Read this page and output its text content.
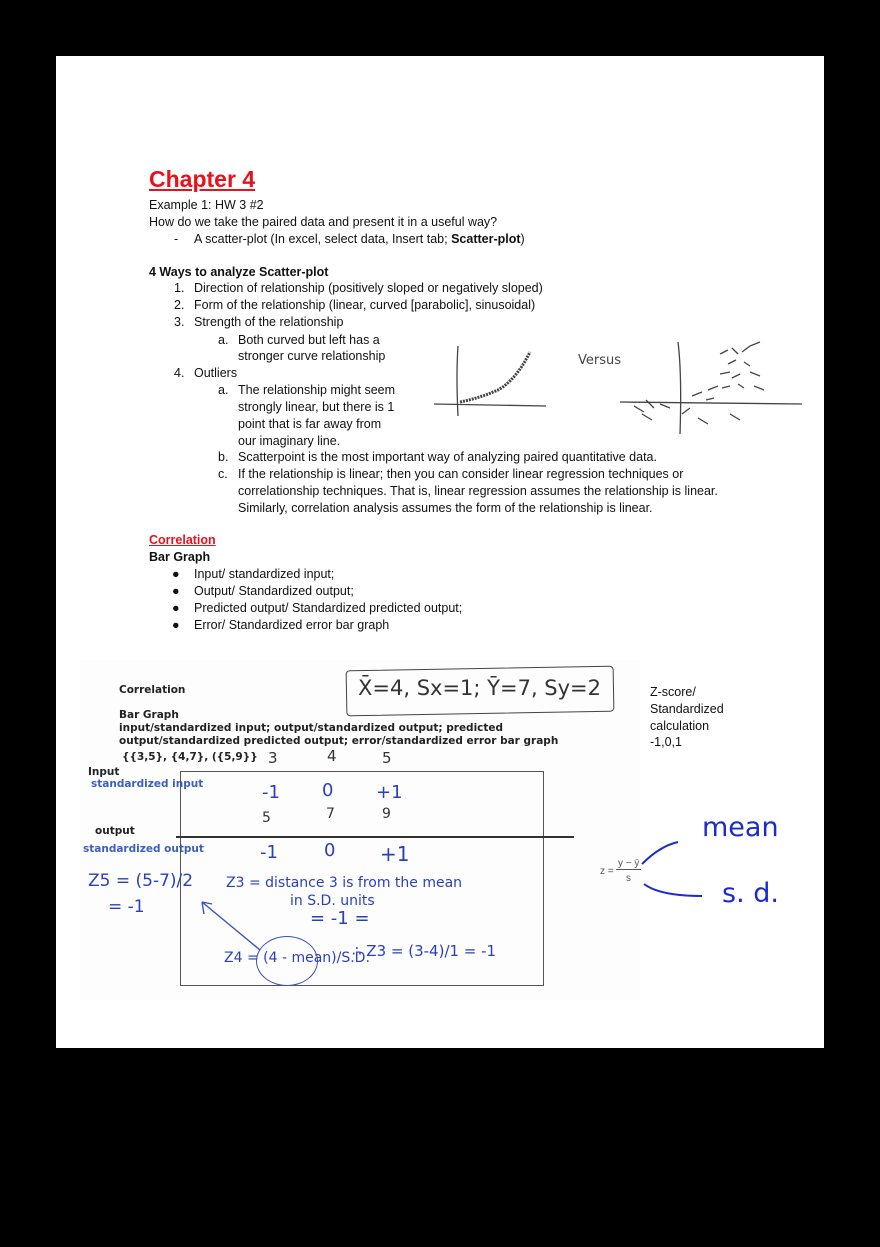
Chapter 4
Example 1: HW 3 #2
How do we take the paired data and present it in a useful way?
- A scatter-plot (In excel, select data, Insert tab; Scatter-plot)
4 Ways to analyze Scatter-plot
1. Direction of relationship (positively sloped or negatively sloped)
2. Form of the relationship (linear, curved [parabolic], sinusoidal)
3. Strength of the relationship
a. Both curved but left has a
stronger curve relationship
4. Outliers
a. The relationship might seem
strongly linear, but there is 1
point that is far away from
our imaginary line.
b. Scatterpoint is the most important way of analyzing paired quantitative data.
c. If the relationship is linear; then you can consider linear regression techniques or
correlationship techniques. That is, linear regression assumes the relationship is linear.
Similarly, correlation analysis assumes the form of the relationship is linear.
Versus
Correlation
Bar Graph
● Input/ standardized input;
● Output/ Standardized output;
● Predicted output/ Standardized predicted output;
● Error/ Standardized error bar graph
Correlation
Bar Graph
input/standardized input; output/standardized output; predicted
output/standardized predicted output; error/standardized error bar graph
{{3,5}, {4,7}, ({5,9}}
X̄=4, Sx=1; Ȳ=7, Sy=2
Input
standardized input
output
standardized output
3	4	5
-1 0 +1
5	7	9
-1	0 +1
Z5 = (5-7)/2
= -1
Z3 = distance 3 is from the mean
in S.D. units
= -1 =
Z4 = (4 - mean)/S.D.
∴ Z3 = (3-4)/1 = -1
Z-score/
Standardized
calculation
-1,0,1
z =
y − ȳ
s
mean
s. d.
